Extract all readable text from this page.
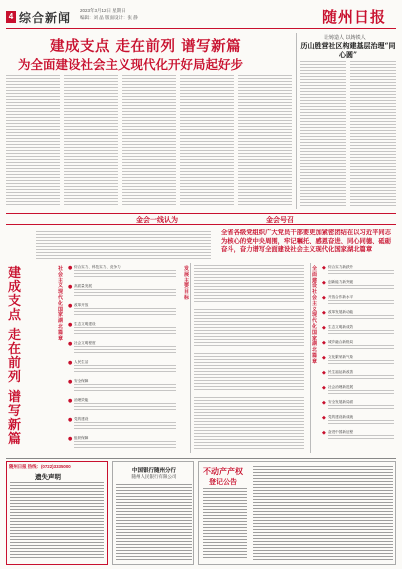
4 综合新闻
2023年3月12日 星期日
编辑：刘 晶 版面设计：张 静	随州日报
建成支点 走在前列 谱写新篇
为全面建设社会主义现代化开好局起好步
让铸造人 以铸铁人
历山胜营社区构建基层治理“同心圆”
金会一线认为	金会号召
全省各级党组织广大党员干部要更加紧密团结在以习近平同志为核心的党中央周围，牢记嘱托、感恩奋进、同心同德、砥砺奋斗，奋力谱写全面建设社会主义现代化国家湖北篇章
建成支点
走在前列
谱写新篇
社会主义现代化国家湖北篇章
发展主要目标
● 综合实力、科技实力、竞争力
● 高质量发展
● 改革开放
● 生态文明建设
● 社会文明程度
● 人民生活
● 安全保障
● 治理效能
● 党的建设
● 组织保障
全面建设社会主义现代化国家湖北篇章
◆ 综合实力新跃升
◆ 创新能力新突破
◆ 开放合作新水平
◆ 改革发展新动能
◆ 生态文明新成效
◆ 城乡融合新格局
◆ 文化繁荣新气象
◆ 民生福祉新改善
◆ 社会治理新进展
◆ 安全发展新局面
◆ 党的建设新成就
◆ 奋进中国新征程
随州日报 热线：(0722)3335000
遗失声明
中国银行随州分行
随州人民银行有限公司
不动产产权
登记公告
